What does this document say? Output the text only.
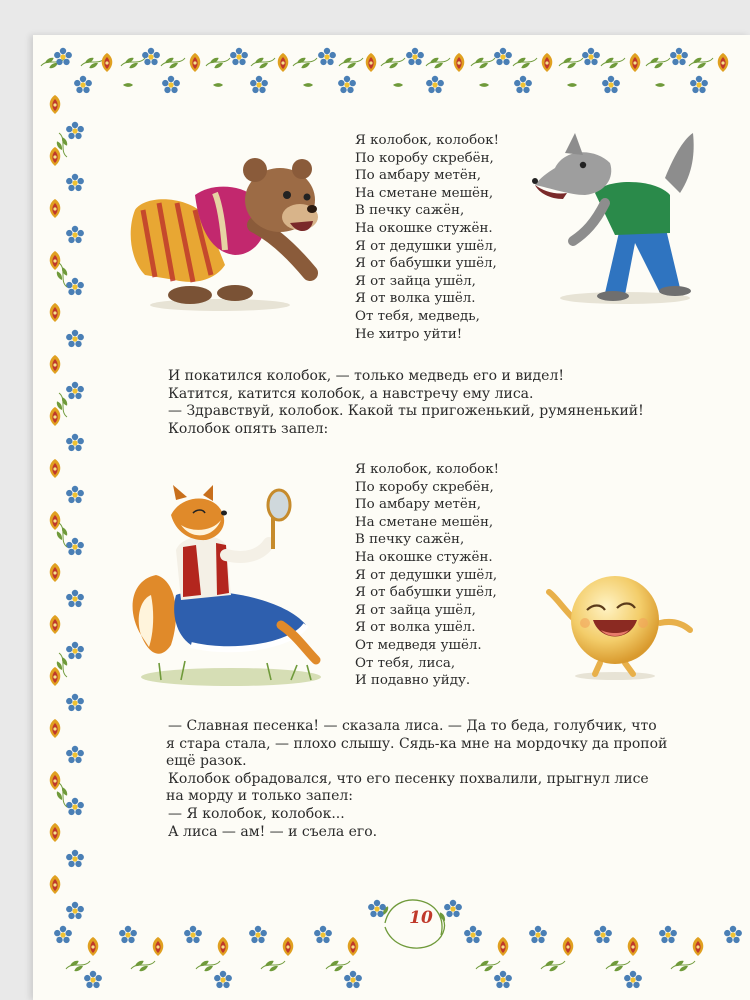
Я колобок, колобок!

По коробу скребён,

По амбару метён,

На сметане мешён,

В печку сажён,

На окошке стужён.

Я от дедушки ушёл,

Я от бабушки ушёл,

Я от зайца ушёл,

Я от волка ушёл.

От тебя, медведь,

Не хитро уйти!

И покатился колобок, — только медведь его и видел!

Катится, катится колобок, а навстречу ему лиса.

— Здравствуй, колобок. Какой ты пригоженький, румяненький!

Колобок опять запел:

Я колобок, колобок!

По коробу скребён,

По амбару метён,

На сметане мешён,

В печку сажён,

На окошке стужён.

Я от дедушки ушёл,

Я от бабушки ушёл,

Я от зайца ушёл,

Я от волка ушёл.

От медведя ушёл.

От тебя, лиса,

И подавно уйду.

— Славная песенка! — сказала лиса. — Да то беда, голубчик, что

я стара стала, — плохо слышу. Сядь-ка мне на мордочку да пропой

ещё разок.

Колобок обрадовался, что его песенку похвалили, прыгнул лисе

на морду и только запел:

— Я колобок, колобок...

А лиса — ам! — и съела его.

10
